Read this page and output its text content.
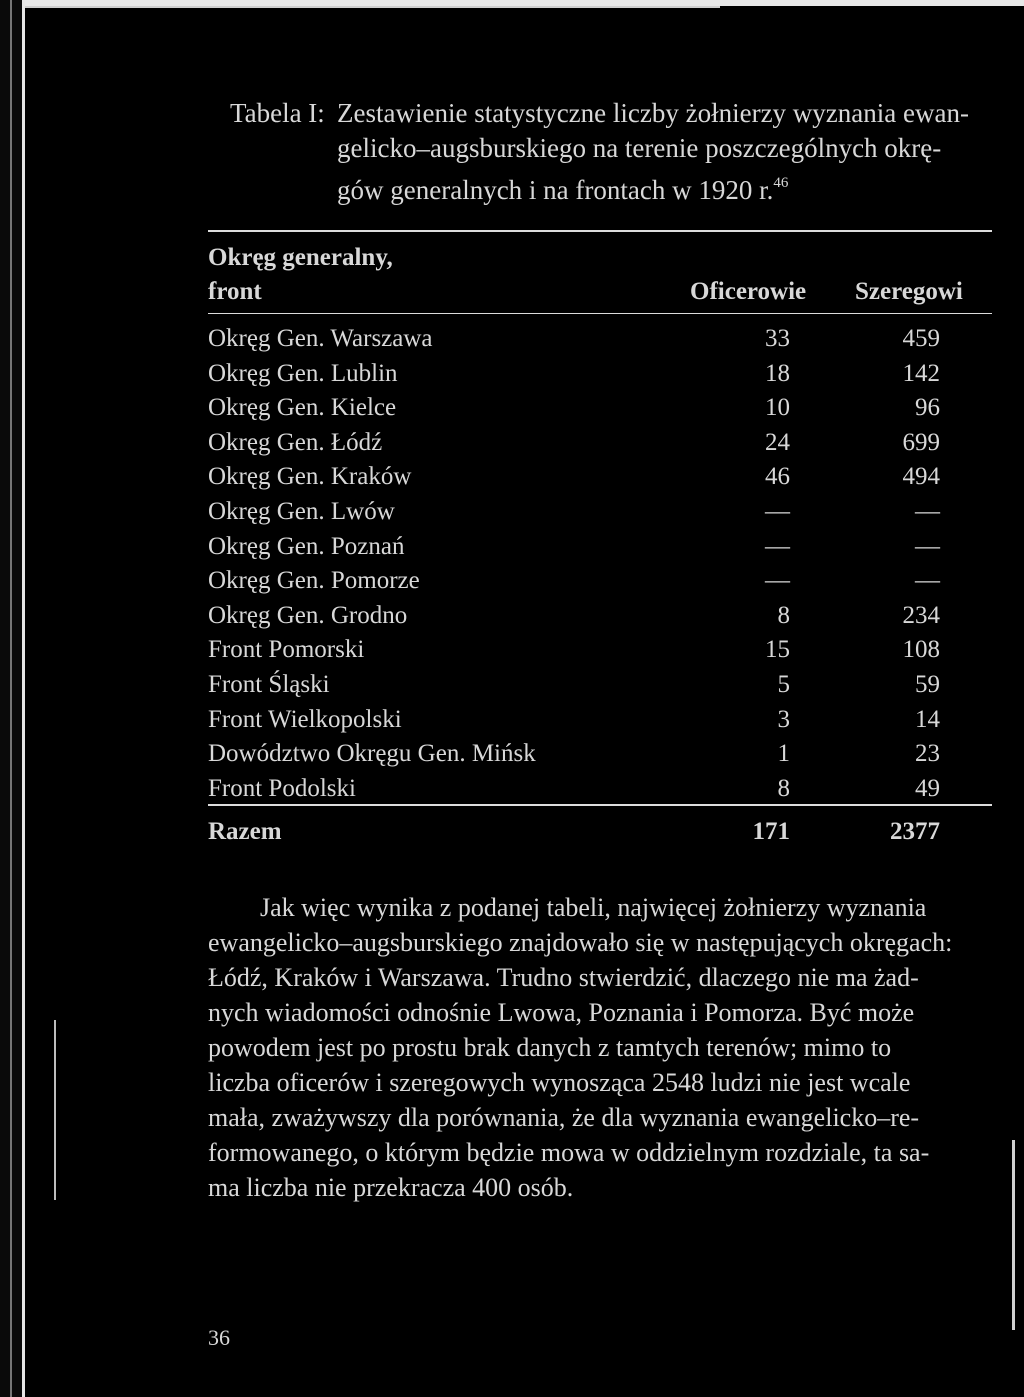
Tabela I: Zestawienie statystyczne liczby żołnierzy wyznania ewan-
gelicko–augsburskiego na terenie poszczególnych okrę-
gów generalnych i na frontach w 1920 r.$^{46}$
Okręg generalny,
front	Oficerowie Szeregowi
Okręg Gen. Warszawa	33	459
Okręg Gen. Lublin	18	142
Okręg Gen. Kielce	10	96
Okręg Gen. Łódź	24	699
Okręg Gen. Kraków	46	494
Okręg Gen. Lwów	—	—
Okręg Gen. Poznań	—	—
Okręg Gen. Pomorze	—	—
Okręg Gen. Grodno	8	234
Front Pomorski	15	108
Front Śląski	5	59
Front Wielkopolski	3	14
Dowództwo Okręgu Gen. Mińsk	1	23
Front Podolski	8	49
Razem	171	2377
Jak więc wynika z podanej tabeli, najwięcej żołnierzy wyznania
ewangelicko–augsburskiego znajdowało się w następujących okręgach:
Łódź, Kraków i Warszawa. Trudno stwierdzić, dlaczego nie ma żad-
nych wiadomości odnośnie Lwowa, Poznania i Pomorza. Być może
powodem jest po prostu brak danych z tamtych terenów; mimo to
liczba oficerów i szeregowych wynosząca 2548 ludzi nie jest wcale
mała, zważywszy dla porównania, że dla wyznania ewangelicko–re-
formowanego, o którym będzie mowa w oddzielnym rozdziale, ta sa-
ma liczba nie przekracza 400 osób.
36
